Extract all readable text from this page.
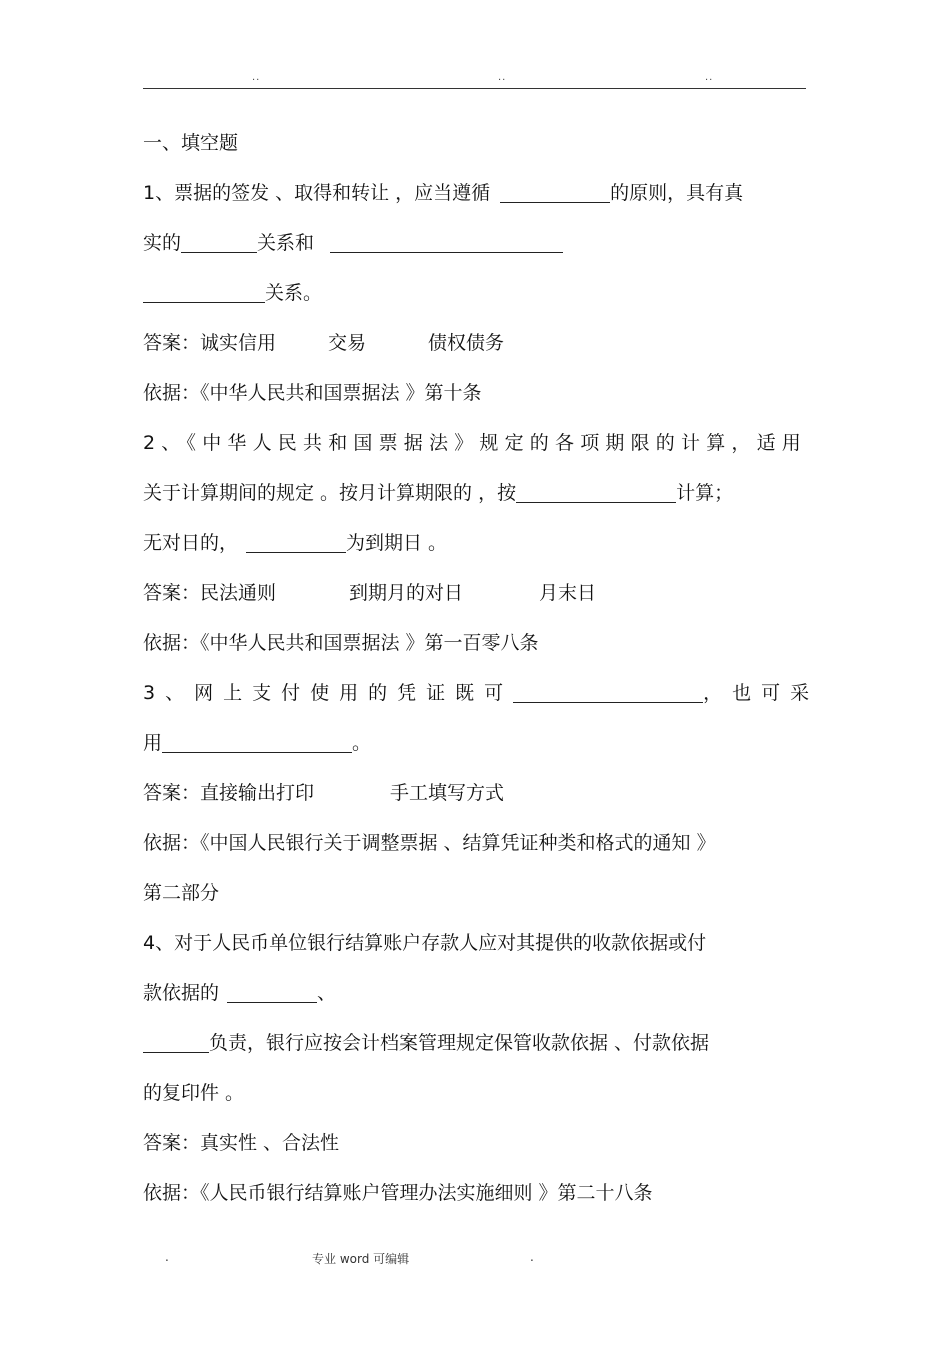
..	..	..
一、填空题
1、票据的签发 、取得和转让 ，应当遵循	的原则，具有真
实的	关系和
关系。
答案：诚实信用	交易	债权债务
依据：《中华人民共和国票据法 》第十条
2、《中华人民共和国票据法》规定的各项期限的计算，适用
关于计算期间的规定 。按月计算期限的 ，按	计算；
无对日的，	为到期日 。
答案：民法通则	到期月的对日	月末日
依据：《中华人民共和国票据法 》第一百零八条
3、网上支付使用的凭证既可	，也可采
用	。
答案：直接输出打印	手工填写方式
依据：《中国人民银行关于调整票据 、结算凭证种类和格式的通知 》
第二部分
4、对于人民币单位银行结算账户存款人应对其提供的收款依据或付
款依据的	、
负责，银行应按会计档案管理规定保管收款依据 、付款依据
的复印件 。
答案：真实性 、合法性
依据：《人民币银行结算账户管理办法实施细则 》第二十八条
.	专业 word 可编辑	.
